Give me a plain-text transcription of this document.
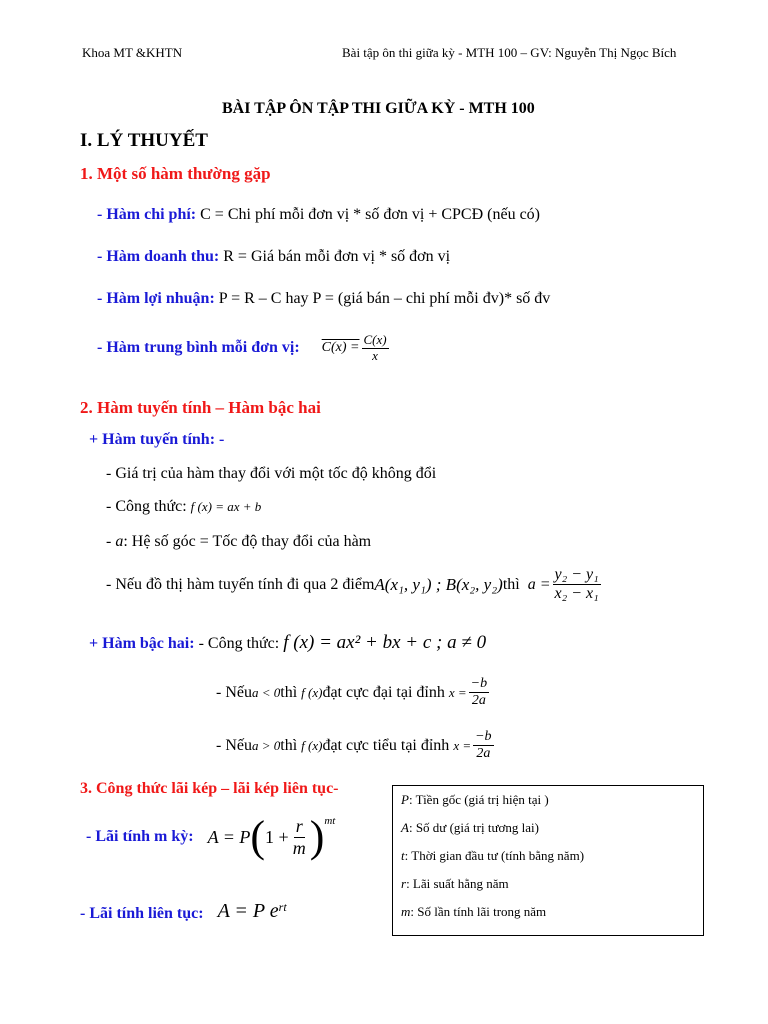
Khoa MT &KHTN	Bài tập ôn thi giữa kỳ - MTH 100 – GV: Nguyễn Thị Ngọc Bích
BÀI TẬP ÔN TẬP THI GIỮA KỲ - MTH 100
I. LÝ THUYẾT
1. Một số hàm thường gặp
- Hàm chi phí: C = Chi phí mỗi đơn vị * số đơn vị + CPCĐ (nếu có)
- Hàm doanh thu: R = Giá bán mỗi đơn vị * số đơn vị
- Hàm lợi nhuận: P = R – C hay P = (giá bán – chi phí mỗi đv)* số đv
- Hàm trung bình mỗi đơn vị: $C(x) = \frac{C(x)}{x}$
2. Hàm tuyến tính – Hàm bậc hai
+ Hàm tuyến tính: -
- Giá trị của hàm thay đổi với một tốc độ không đổi
- Công thức: f (x) = ax + b
- a: Hệ số góc = Tốc độ thay đổi của hàm
- Nếu đồ thị hàm tuyến tính đi qua 2 điểm A(x₁, y₁) ; B(x₂, y₂) thì $a = \frac{\text{y₂ − y₁}}{\text{x₂ − x₁}}$
+ Hàm bậc hai: - Công thức: f (x) = ax² + bx + c ; a ≠ 0
- Nếu a < 0 thì f (x) đạt cực đại tại đỉnh $x = \frac{-b}{2a}$
- Nếu a > 0 thì f (x) đạt cực tiểu tại đỉnh $x = \frac{-b}{2a}$
3. Công thức lãi kép – lãi kép liên tục-
- Lãi tính m kỳ: A = P ( $1 + \frac{r}{m}$ ) mt
- Lãi tính liên tục: A = P e rt
P: Tiền gốc (giá trị hiện tại )
A: Số dư (giá trị tương lai)
t: Thời gian đầu tư (tính bằng năm)
r: Lãi suất hằng năm
m: Số lần tính lãi trong năm
